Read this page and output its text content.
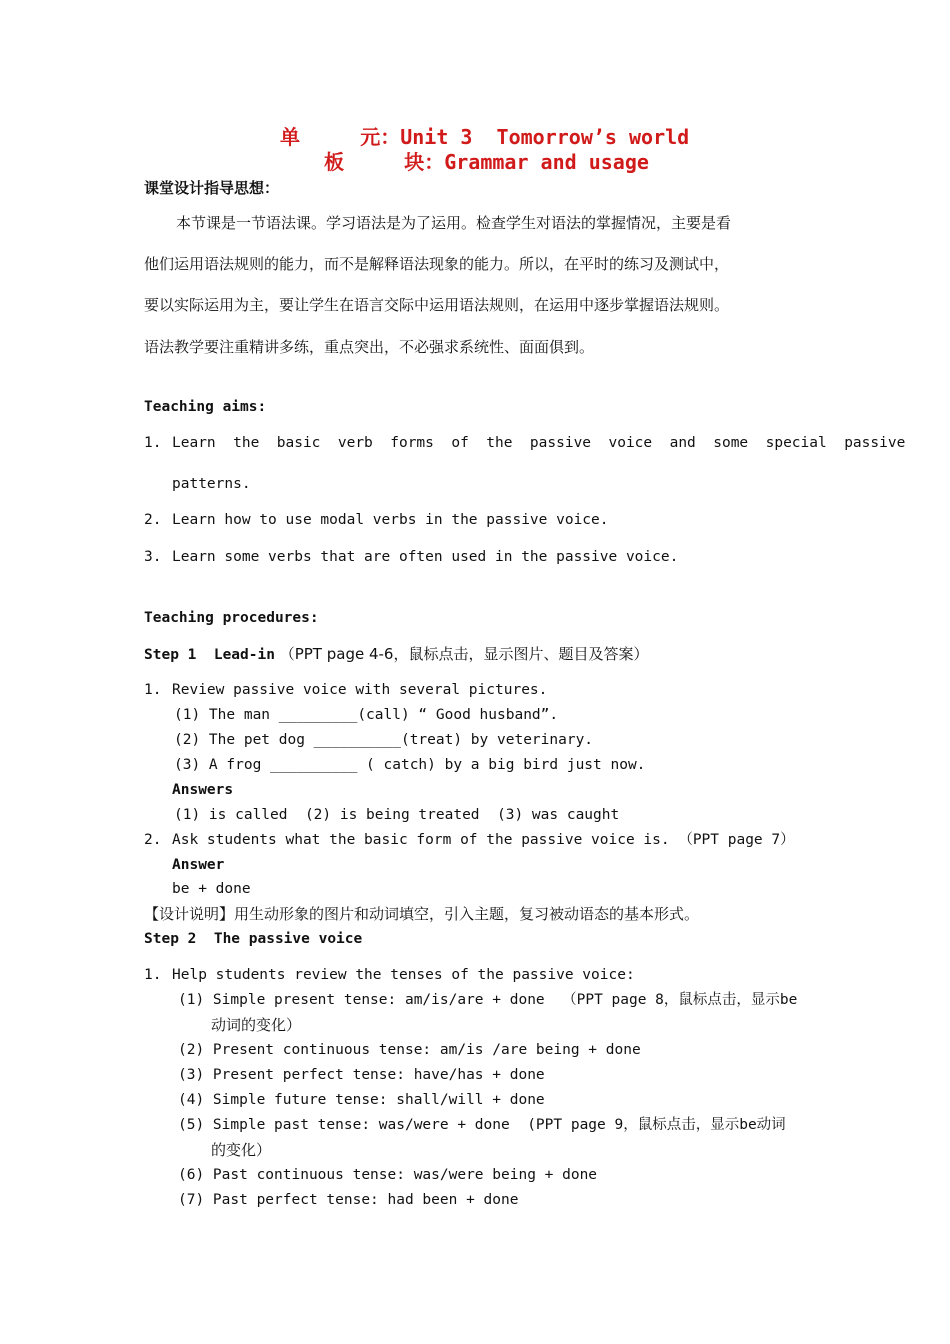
单     元：Unit 3  Tomorrow’s world
板     块：Grammar and usage
课堂设计指导思想：
本节课是一节语法课。学习语法是为了运用。检查学生对语法的掌握情况，主要是看
他们运用语法规则的能力，而不是解释语法现象的能力。所以，在平时的练习及测试中，
要以实际运用为主，要让学生在语言交际中运用语法规则，在运用中逐步掌握语法规则。
语法教学要注重精讲多练，重点突出，不必强求系统性、面面俱到。
Teaching aims:
1. Learn  the  basic  verb  forms  of  the  passive  voice  and  some  special  passive
patterns.
2. Learn how to use modal verbs in the passive voice.
3. Learn some verbs that are often used in the passive voice.
Teaching procedures:
Step 1  Lead-in （PPT page 4-6，鼠标点击，显示图片、题目及答案）
1. Review passive voice with several pictures.
(1) The man _________(call) “ Good husband”.
(2) The pet dog __________(treat) by veterinary.
(3) A frog __________ ( catch) by a big bird just now.
Answers
(1) is called  (2) is being treated  (3) was caught
2. Ask students what the basic form of the passive voice is. （PPT page 7）
Answer
be + done
【设计说明】用生动形象的图片和动词填空，引入主题，复习被动语态的基本形式。
Step 2  The passive voice
1. Help students review the tenses of the passive voice:
(1) Simple present tense: am/is/are + done  （PPT page 8，鼠标点击，显示be
动词的变化）
(2) Present continuous tense: am/is /are being + done
(3) Present perfect tense: have/has + done
(4) Simple future tense: shall/will + done
(5) Simple past tense: was/were + done  (PPT page 9，鼠标点击，显示be动词
的变化）
(6) Past continuous tense: was/were being + done
(7) Past perfect tense: had been + done
